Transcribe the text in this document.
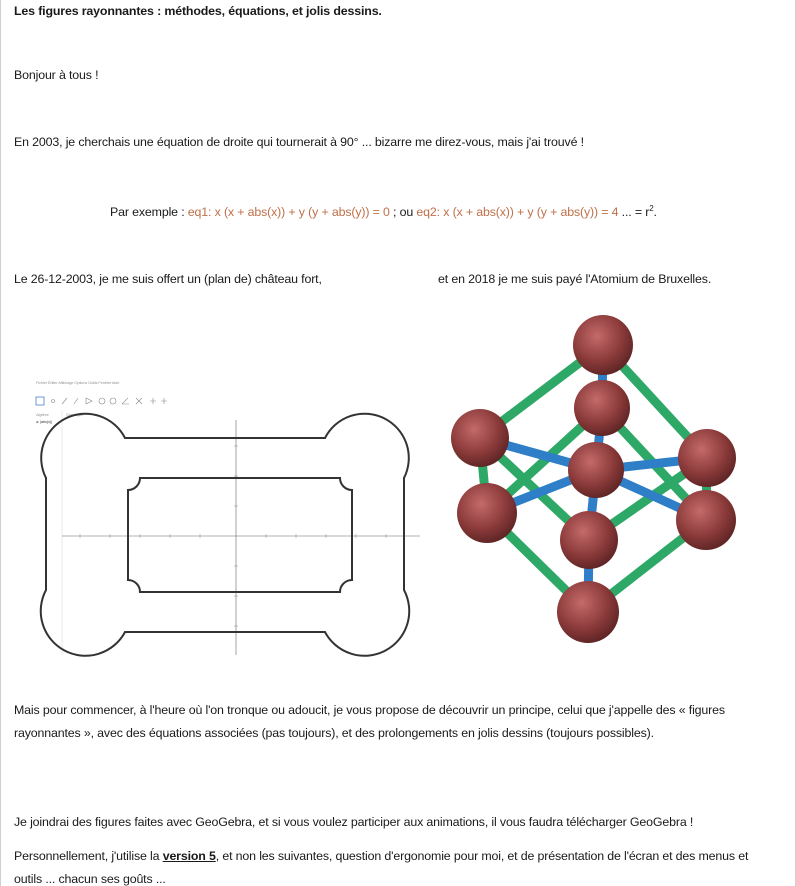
Les figures rayonnantes : méthodes, équations, et jolis dessins.
Bonjour à tous !
En 2003, je cherchais une équation de droite qui tournerait à 90° ... bizarre me direz-vous, mais j'ai trouvé !
Par exemple : eq1: x (x + abs(x)) + y (y + abs(y)) = 0 ; ou eq2: x (x + abs(x)) + y (y + abs(y)) = 4 ... = $r^2$.
Le 26-12-2003, je me suis offert un (plan de) château fort,	et en 2018 je me suis payé l'Atomium de Bruxelles.
Fichier Éditer Affichage Options Outils Fenêtre Aide
Algèbre	Graphique
a: |abs(x)|
Mais pour commencer, à l'heure où l'on tronque ou adoucit, je vous propose de découvrir un principe, celui que j'appelle des « figures rayonnantes », avec des équations associées (pas toujours), et des prolongements en jolis dessins (toujours possibles).
Je joindrai des figures faites avec GeoGebra, et si vous voulez participer aux animations, il vous faudra télécharger GeoGebra !
Personnellement, j'utilise la version 5, et non les suivantes, question d'ergonomie pour moi, et de présentation de l'écran et des menus et outils ... chacun ses goûts ...
